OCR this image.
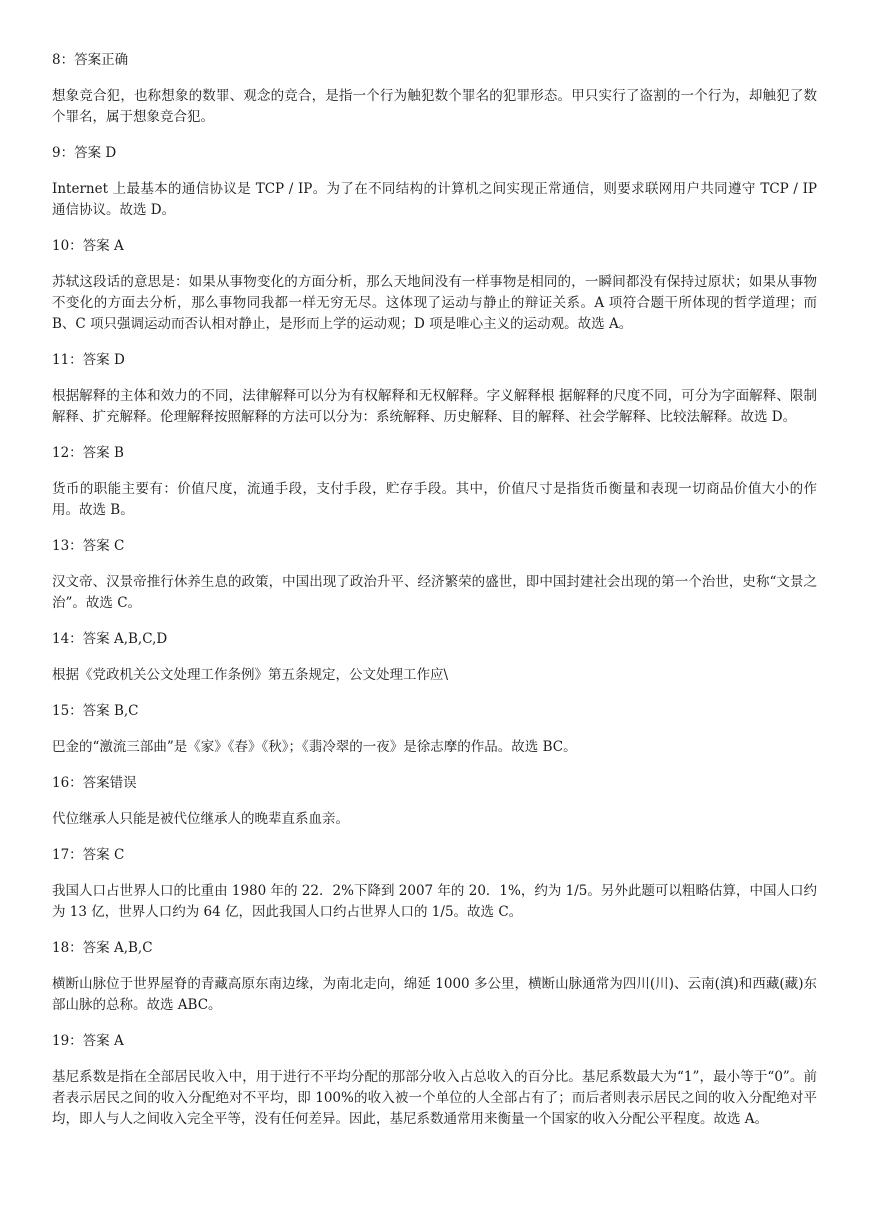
8：答案正确

想象竞合犯，也称想象的数罪、观念的竞合，是指一个行为触犯数个罪名的犯罪形态。甲只实行了盗割的一个行为，却触犯了数个罪名，属于想象竞合犯。

9：答案 D

Internet 上最基本的通信协议是 TCP / IP。为了在不同结构的计算机之间实现正常通信，则要求联网用户共同遵守 TCP / IP 通信协议。故选 D。

10：答案 A

苏轼这段话的意思是：如果从事物变化的方面分析，那么天地间没有一样事物是相同的，一瞬间都没有保持过原状；如果从事物不变化的方面去分析，那么事物同我都一样无穷无尽。这体现了运动与静止的辩证关系。A 项符合题干所体现的哲学道理；而 B、C 项只强调运动而否认相对静止，是形而上学的运动观；D 项是唯心主义的运动观。故选 A。

11：答案 D

根据解释的主体和效力的不同，法律解释可以分为有权解释和无权解释。字义解释根 据解释的尺度不同，可分为字面解释、限制解释、扩充解释。伦理解释按照解释的方法可以分为：系统解释、历史解释、目的解释、社会学解释、比较法解释。故选 D。

12：答案 B

货币的职能主要有：价值尺度，流通手段，支付手段，贮存手段。其中，价值尺寸是指货币衡量和表现一切商品价值大小的作用。故选 B。

13：答案 C

汉文帝、汉景帝推行休养生息的政策，中国出现了政治升平、经济繁荣的盛世，即中国封建社会出现的第一个治世，史称“文景之治”。故选 C。

14：答案 A,B,C,D

根据《党政机关公文处理工作条例》第五条规定，公文处理工作应\

15：答案 B,C

巴金的“激流三部曲”是《家》《春》《秋》；《翡冷翠的一夜》是徐志摩的作品。故选 BC。

16：答案错误

代位继承人只能是被代位继承人的晚辈直系血亲。

17：答案 C

我国人口占世界人口的比重由 1980 年的 22．2%下降到 2007 年的 20．1%，约为 1/5。另外此题可以粗略估算，中国人口约为 13 亿，世界人口约为 64 亿，因此我国人口约占世界人口的 1/5。故选 C。

18：答案 A,B,C

横断山脉位于世界屋脊的青藏高原东南边缘，为南北走向，绵延 1000 多公里，横断山脉通常为四川(川)、云南(滇)和西藏(藏)东部山脉的总称。故选 ABC。

19：答案 A

基尼系数是指在全部居民收入中，用于进行不平均分配的那部分收入占总收入的百分比。基尼系数最大为“1”，最小等于“0”。前者表示居民之间的收入分配绝对不平均，即 100%的收入被一个单位的人全部占有了；而后者则表示居民之间的收入分配绝对平均，即人与人之间收入完全平等，没有任何差异。因此，基尼系数通常用来衡量一个国家的收入分配公平程度。故选 A。
